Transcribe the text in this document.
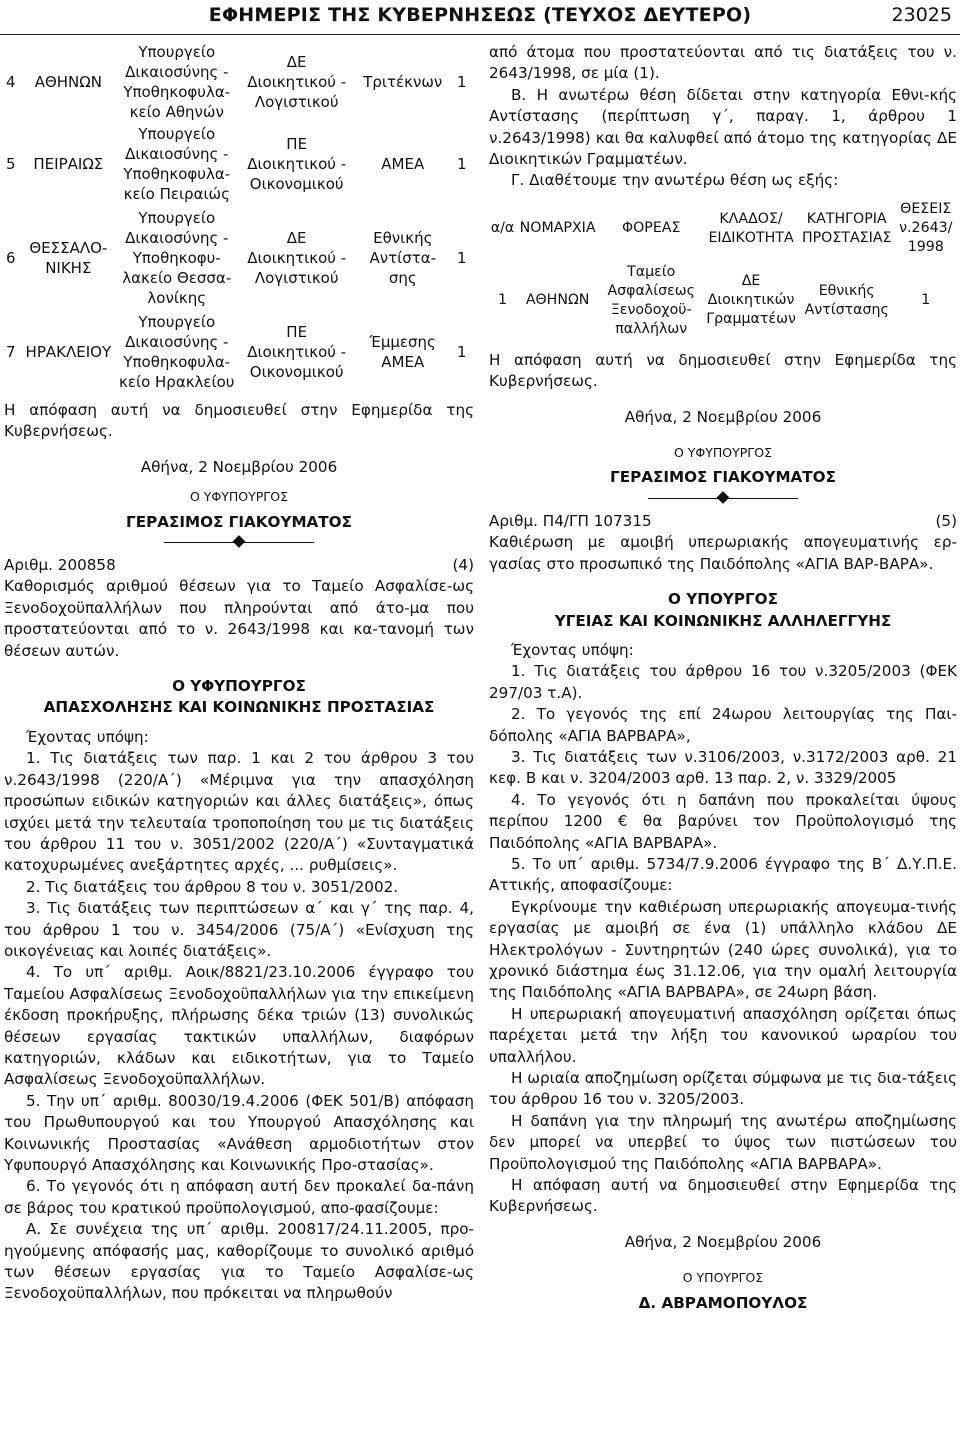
ΕΦΗΜΕΡΙΣ ΤΗΣ ΚΥΒΕΡΝΗΣΕΩΣ (ΤΕΥΧΟΣ ΔΕΥΤΕΡΟ)	23025
4	ΑΘΗΝΩΝ	Υπουργείο Δικαιοσύνης - Υποθηκοφυλα-κείο Αθηνών	ΔΕ Διοικητικού - Λογιστικού	Τριτέκνων	1
5	ΠΕΙΡΑΙΩΣ	Υπουργείο Δικαιοσύνης - Υποθηκοφυλα-κείο Πειραιώς	ΠΕ Διοικητικού - Οικονομικού	ΑΜΕΑ	1
6	ΘΕΣΣΑΛΟ-ΝΙΚΗΣ	Υπουργείο Δικαιοσύνης - Υποθηκοφυ-λακείο Θεσσα-λονίκης	ΔΕ Διοικητικού - Λογιστικού	Εθνικής Αντίστα-σης	1
7	ΗΡΑΚΛΕΙΟΥ	Υπουργείο Δικαιοσύνης - Υποθηκοφυλα-κείο Ηρακλείου	ΠΕ Διοικητικού - Οικονομικού	Έμμεσης ΑΜΕΑ	1

Η απόφαση αυτή να δημοσιευθεί στην Εφημερίδα της Κυβερνήσεως.

Αθήνα, 2 Νοεμβρίου 2006

Ο ΥΦΥΠΟΥΡΓΟΣ

ΓΕΡΑΣΙΜΟΣ ΓΙΑΚΟΥΜΑΤΟΣ

Αριθμ. 200858	(4)

Καθορισμός αριθμού θέσεων για το Ταμείο Ασφαλίσε-ως Ξενοδοχοϋπαλλήλων που πληρούνται από άτο-μα που προστατεύονται από το ν. 2643/1998 και κα-τανομή των θέσεων αυτών.

Ο ΥΦΥΠΟΥΡΓΟΣ

ΑΠΑΣΧΟΛΗΣΗΣ ΚΑΙ ΚΟΙΝΩΝΙΚΗΣ ΠΡΟΣΤΑΣΙΑΣ

Έχοντας υπόψη:

1. Τις διατάξεις των παρ. 1 και 2 του άρθρου 3 του ν.2643/1998 (220/Α΄) «Μέριμνα για την απασχόληση προσώπων ειδικών κατηγοριών και άλλες διατάξεις», όπως ισχύει μετά την τελευταία τροποποίηση του με τις διατάξεις του άρθρου 11 του ν. 3051/2002 (220/Α΄) «Συνταγματικά κατοχυρωμένες ανεξάρτητες αρχές, ... ρυθμίσεις».

2. Τις διατάξεις του άρθρου 8 του ν. 3051/2002.

3. Τις διατάξεις των περιπτώσεων α΄ και γ΄ της παρ. 4, του άρθρου 1 του ν. 3454/2006 (75/Α΄) «Ενίσχυση της οικογένειας και λοιπές διατάξεις».

4. Το υπ΄ αριθμ. Αοικ/8821/23.10.2006 έγγραφο του Ταμείου Ασφαλίσεως Ξενοδοχοϋπαλλήλων για την επικείμενη έκδοση προκήρυξης, πλήρωσης δέκα τριών (13) συνολικώς θέσεων εργασίας τακτικών υπαλλήλων, διαφόρων κατηγοριών, κλάδων και ειδικοτήτων, για το Ταμείο Ασφαλίσεως Ξενοδοχοϋπαλλήλων.

5. Την υπ΄ αριθμ. 80030/19.4.2006 (ΦΕΚ 501/Β) απόφαση του Πρωθυπουργού και του Υπουργού Απασχόλησης και Κοινωνικής Προστασίας «Ανάθεση αρμοδιοτήτων στον Υφυπουργό Απασχόλησης και Κοινωνικής Προ-στασίας».

6. Το γεγονός ότι η απόφαση αυτή δεν προκαλεί δα-πάνη σε βάρος του κρατικού προϋπολογισμού, απο-φασίζουμε:

Α. Σε συνέχεια της υπ΄ αριθμ. 200817/24.11.2005, προ-ηγούμενης απόφασής μας, καθορίζουμε το συνολικό αριθμό των θέσεων εργασίας για το Ταμείο Ασφαλίσε-ως Ξενοδοχοϋπαλλήλων, που πρόκειται να πληρωθούν

από άτομα που προστατεύονται από τις διατάξεις του ν. 2643/1998, σε μία (1).

Β. Η ανωτέρω θέση δίδεται στην κατηγορία Εθνι-κής Αντίστασης (περίπτωση γ΄, παραγ. 1, άρθρου 1 ν.2643/1998) και θα καλυφθεί από άτομο της κατηγορίας ΔΕ Διοικητικών Γραμματέων.

Γ. Διαθέτουμε την ανωτέρω θέση ως εξής:

α/α	ΝΟΜΑΡΧΙΑ	ΦΟΡΕΑΣ	ΚΛΑΔΟΣ/ ΕΙΔΙΚΟΤΗΤΑ	ΚΑΤΗΓΟΡΙΑ ΠΡΟΣΤΑΣΙΑΣ	ΘΕΣΕΙΣ ν.2643/ 1998
1	ΑΘΗΝΩΝ	Ταμείο Ασφαλίσεως Ξενοδοχοϋ-παλλήλων	ΔΕ Διοικητικών Γραμματέων	Εθνικής Αντίστασης	1

Η απόφαση αυτή να δημοσιευθεί στην Εφημερίδα της Κυβερνήσεως.

Αθήνα, 2 Νοεμβρίου 2006

Ο ΥΦΥΠΟΥΡΓΟΣ

ΓΕΡΑΣΙΜΟΣ ΓΙΑΚΟΥΜΑΤΟΣ

Αριθμ. Π4/ΓΠ 107315	(5)

Καθιέρωση με αμοιβή υπερωριακής απογευματινής ερ-γασίας στο προσωπικό της Παιδόπολης «ΑΓΙΑ ΒΑΡ-ΒΑΡΑ».

Ο ΥΠΟΥΡΓΟΣ

ΥΓΕΙΑΣ ΚΑΙ ΚΟΙΝΩΝΙΚΗΣ ΑΛΛΗΛΕΓΓΥΗΣ

Έχοντας υπόψη:

1. Τις διατάξεις του άρθρου 16 του ν.3205/2003 (ΦΕΚ 297/03 τ.Α).

2. Το γεγονός της επί 24ωρου λειτουργίας της Παι-δόπολης «ΑΓΙΑ ΒΑΡΒΑΡΑ»,

3. Τις διατάξεις των ν.3106/2003, ν.3172/2003 αρθ. 21 κεφ. Β και ν. 3204/2003 αρθ. 13 παρ. 2, ν. 3329/2005

4. Το γεγονός ότι η δαπάνη που προκαλείται ύψους περίπου 1200 € θα βαρύνει τον Προϋπολογισμό της Παιδόπολης «ΑΓΙΑ ΒΑΡΒΑΡΑ».

5. Το υπ΄ αριθμ. 5734/7.9.2006 έγγραφο της Β΄ Δ.Υ.Π.Ε. Αττικής, αποφασίζουμε:

Εγκρίνουμε την καθιέρωση υπερωριακής απογευμα-τινής εργασίας με αμοιβή σε ένα (1) υπάλληλο κλάδου ΔΕ Ηλεκτρολόγων - Συντηρητών (240 ώρες συνολικά), για το χρονικό διάστημα έως 31.12.06, για την ομαλή λειτουργία της Παιδόπολης «ΑΓΙΑ ΒΑΡΒΑΡΑ», σε 24ωρη βάση.

Η υπερωριακή απογευματινή απασχόληση ορίζεται όπως παρέχεται μετά την λήξη του κανονικού ωραρίου του υπαλλήλου.

Η ωριαία αποζημίωση ορίζεται σύμφωνα με τις δια-τάξεις του άρθρου 16 του ν. 3205/2003.

Η δαπάνη για την πληρωμή της ανωτέρω αποζημίωσης δεν μπορεί να υπερβεί το ύψος των πιστώσεων του Προϋπολογισμού της Παιδόπολης «ΑΓΙΑ ΒΑΡΒΑΡΑ».

Η απόφαση αυτή να δημοσιευθεί στην Εφημερίδα της Κυβερνήσεως.

Αθήνα, 2 Νοεμβρίου 2006

Ο ΥΠΟΥΡΓΟΣ

Δ. ΑΒΡΑΜΟΠΟΥΛΟΣ
